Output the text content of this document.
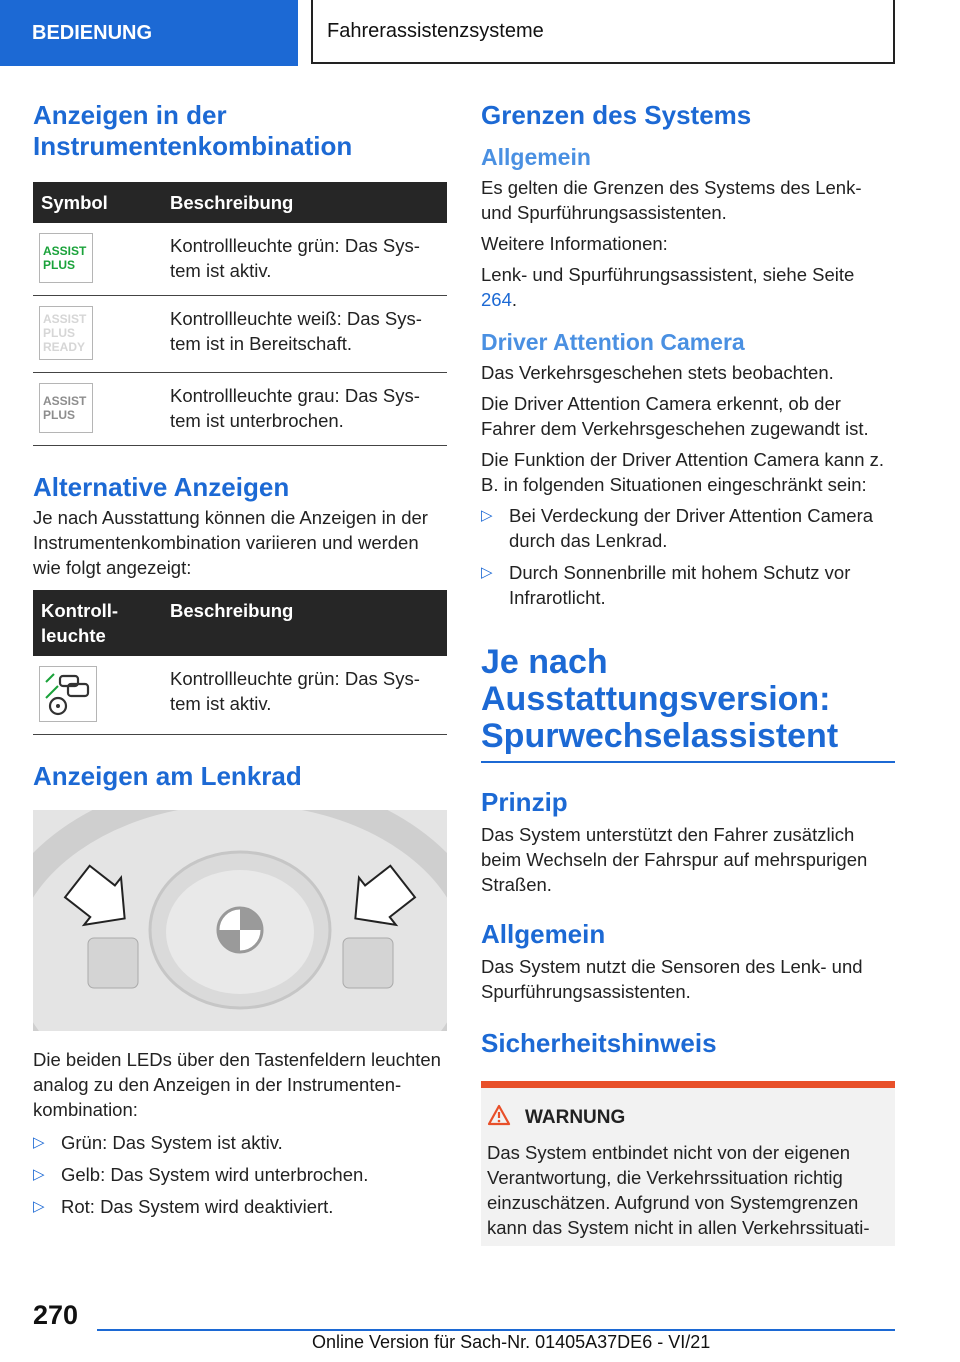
BEDIENUNG	Fahrerassistenzsysteme
Anzeigen in der Instrumentenkombination
Symbol	Beschreibung

ASSIST
PLUS	Kontrollleuchte grün: Das System ist aktiv.

ASSIST
PLUS
READY	Kontrollleuchte weiß: Das System ist in Bereitschaft.

ASSIST
PLUS	Kontrollleuchte grau: Das System ist unterbrochen.
Alternative Anzeigen

Je nach Ausstattung können die Anzeigen in der Instrumentenkombination variieren und werden wie folgt angezeigt:

Kontrollleuchte	Beschreibung

	Kontrollleuchte grün: Das System ist aktiv.
Anzeigen am Lenkrad

Die beiden LEDs über den Tastenfeldern leuchten analog zu den Anzeigen in der Instrumentenkombination:

▷ Grün: Das System ist aktiv.
▷ Gelb: Das System wird unterbrochen.
▷ Rot: Das System wird deaktiviert.
Grenzen des Systems
Allgemein

Es gelten die Grenzen des Systems des Lenk- und Spurführungsassistenten.

Weitere Informationen:

Lenk- und Spurführungsassistent, siehe Seite 264.

Driver Attention Camera

Das Verkehrsgeschehen stets beobachten.

Die Driver Attention Camera erkennt, ob der Fahrer dem Verkehrsgeschehen zugewandt ist.

Die Funktion der Driver Attention Camera kann z. B. in folgenden Situationen eingeschränkt sein:

▷ Bei Verdeckung der Driver Attention Camera durch das Lenkrad.
▷ Durch Sonnenbrille mit hohem Schutz vor Infrarotlicht.
Je nach Ausstattungsversion: Spurwechselassistent
Prinzip

Das System unterstützt den Fahrer zusätzlich beim Wechseln der Fahrspur auf mehrspurigen Straßen.

Allgemein

Das System nutzt die Sensoren des Lenk- und Spurführungsassistenten.

Sicherheitshinweis
WARNUNG

Das System entbindet nicht von der eigenen Verantwortung, die Verkehrssituation richtig einzuschätzen. Aufgrund von Systemgrenzen kann das System nicht in allen Verkehrssituati-

270
Online Version für Sach-Nr. 01405A37DE6 - VI/21
